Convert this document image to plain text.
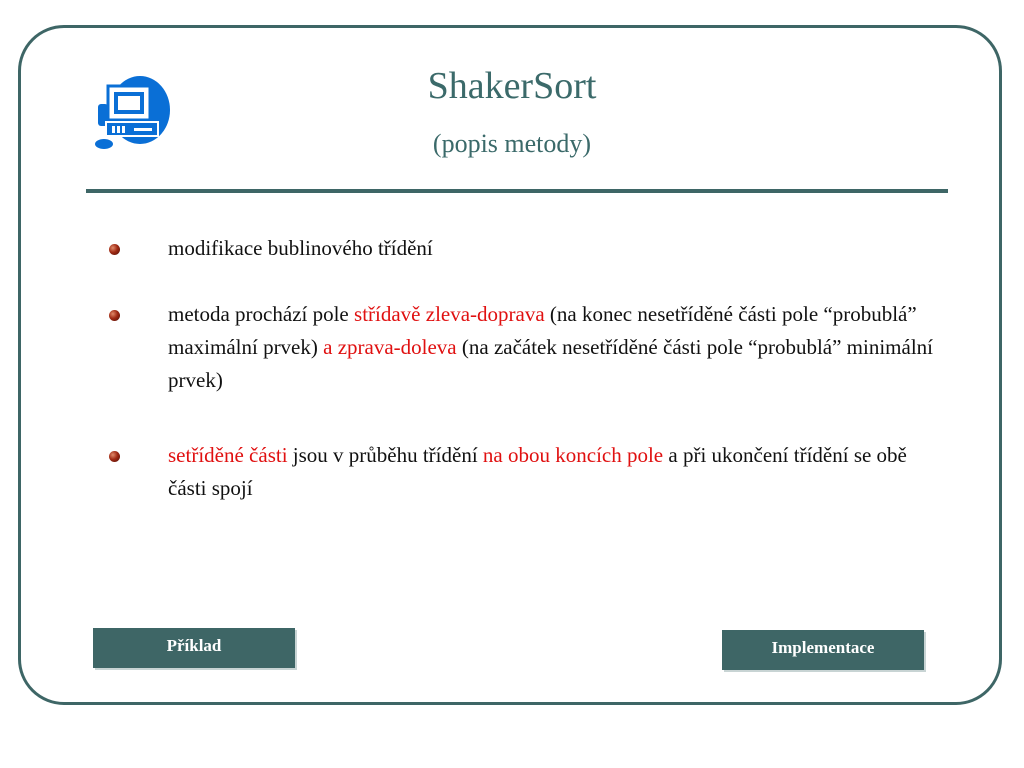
ShakerSort
(popis metody)
modifikace bublinového třídění
metoda prochází pole střídavě zleva-doprava (na konec nesetříděné části pole “probublá” maximální prvek) a zprava-doleva (na začátek nesetříděné části pole “probublá” minimální prvek)
setříděné části jsou v průběhu třídění na obou koncích pole a při ukončení třídění se obě části spojí
Příklad	Implementace
